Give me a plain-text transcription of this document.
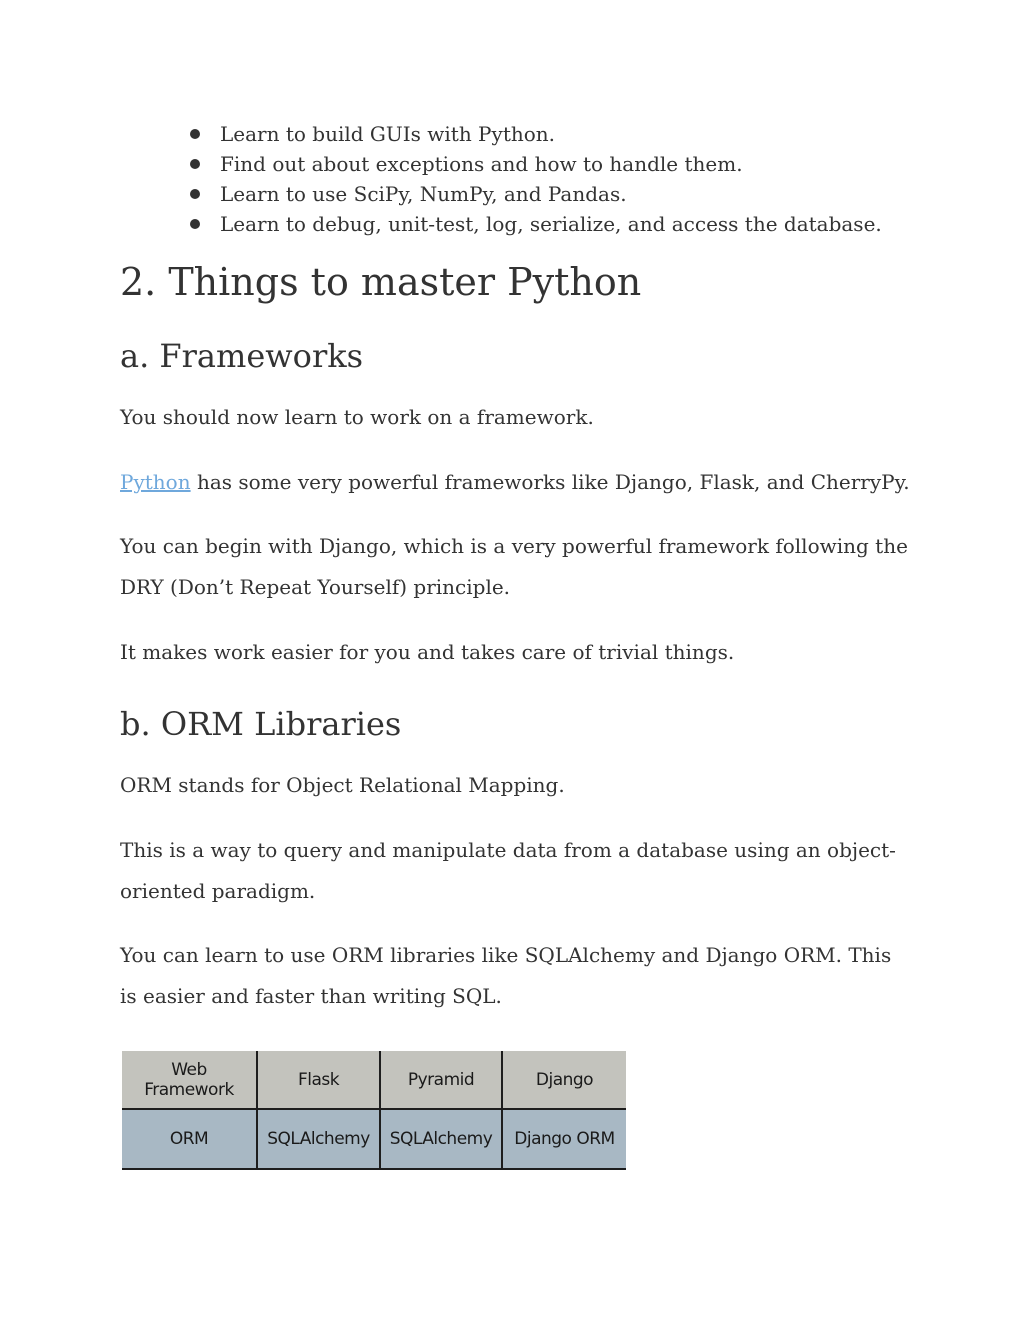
Learn to build GUIs with Python.
Find out about exceptions and how to handle them.
Learn to use SciPy, NumPy, and Pandas.
Learn to debug, unit-test, log, serialize, and access the database.
2. Things to master Python
a. Frameworks

You should now learn to work on a framework.

Python has some very powerful frameworks like Django, Flask, and CherryPy.

You can begin with Django, which is a very powerful framework following the DRY (Don’t Repeat Yourself) principle.

It makes work easier for you and takes care of trivial things.

b. ORM Libraries

ORM stands for Object Relational Mapping.

This is a way to query and manipulate data from a database using an object-oriented paradigm.

You can learn to use ORM libraries like SQLAlchemy and Django ORM. This is easier and faster than writing SQL.

Web Framework	Flask	Pyramid	Django
ORM	SQLAlchemy	SQLAlchemy	Django ORM
